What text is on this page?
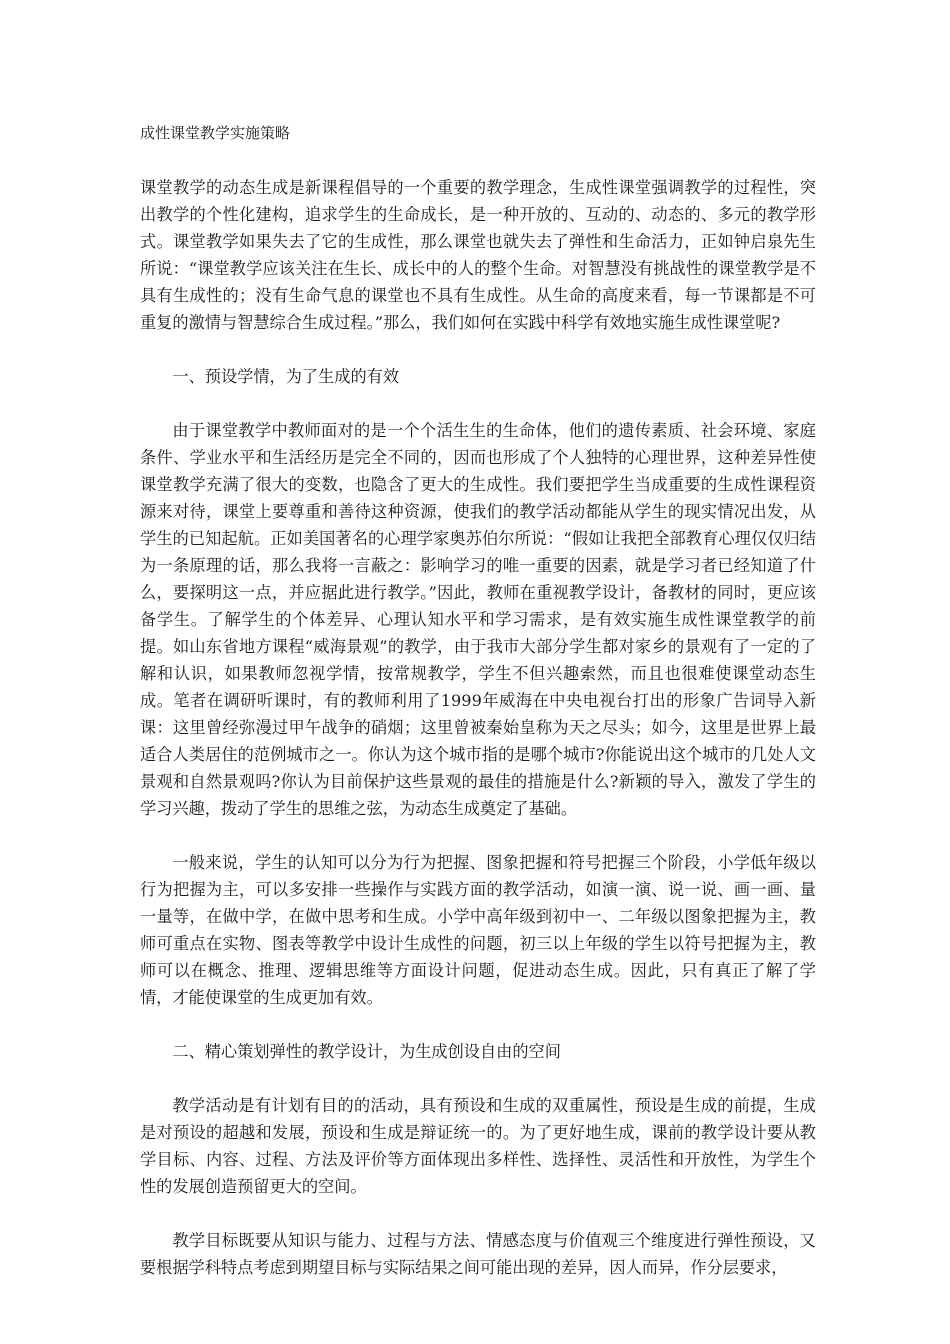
成性课堂教学实施策略

课堂教学的动态生成是新课程倡导的一个重要的教学理念，生成性课堂强调教学的过程性，突出教学的个性化建构，追求学生的生命成长，是一种开放的、互动的、动态的、多元的教学形式。课堂教学如果失去了它的生成性，那么课堂也就失去了弹性和生命活力，正如钟启泉先生所说：“课堂教学应该关注在生长、成长中的人的整个生命。对智慧没有挑战性的课堂教学是不具有生成性的；没有生命气息的课堂也不具有生成性。从生命的高度来看，每一节课都是不可重复的激情与智慧综合生成过程。”那么，我们如何在实践中科学有效地实施生成性课堂呢?

一、预设学情，为了生成的有效

由于课堂教学中教师面对的是一个个活生生的生命体，他们的遗传素质、社会环境、家庭条件、学业水平和生活经历是完全不同的，因而也形成了个人独特的心理世界，这种差异性使课堂教学充满了很大的变数，也隐含了更大的生成性。我们要把学生当成重要的生成性课程资源来对待，课堂上要尊重和善待这种资源，使我们的教学活动都能从学生的现实情况出发，从学生的已知起航。正如美国著名的心理学家奥苏伯尔所说：“假如让我把全部教育心理仅仅归结为一条原理的话，那么我将一言蔽之：影响学习的唯一重要的因素，就是学习者已经知道了什么，要探明这一点，并应据此进行教学。”因此，教师在重视教学设计，备教材的同时，更应该备学生。了解学生的个体差异、心理认知水平和学习需求，是有效实施生成性课堂教学的前提。如山东省地方课程“威海景观”的教学，由于我市大部分学生都对家乡的景观有了一定的了解和认识，如果教师忽视学情，按常规教学，学生不但兴趣索然，而且也很难使课堂动态生成。笔者在调研听课时，有的教师利用了1999年威海在中央电视台打出的形象广告词导入新课：这里曾经弥漫过甲午战争的硝烟；这里曾被秦始皇称为天之尽头；如今，这里是世界上最适合人类居住的范例城市之一。你认为这个城市指的是哪个城市?你能说出这个城市的几处人文景观和自然景观吗?你认为目前保护这些景观的最佳的措施是什么?新颖的导入，激发了学生的学习兴趣，拨动了学生的思维之弦，为动态生成奠定了基础。

一般来说，学生的认知可以分为行为把握、图象把握和符号把握三个阶段，小学低年级以行为把握为主，可以多安排一些操作与实践方面的教学活动，如演一演、说一说、画一画、量一量等，在做中学，在做中思考和生成。小学中高年级到初中一、二年级以图象把握为主，教师可重点在实物、图表等教学中设计生成性的问题，初三以上年级的学生以符号把握为主，教师可以在概念、推理、逻辑思维等方面设计问题，促进动态生成。因此，只有真正了解了学情，才能使课堂的生成更加有效。

二、精心策划弹性的教学设计，为生成创设自由的空间

教学活动是有计划有目的的活动，具有预设和生成的双重属性，预设是生成的前提，生成是对预设的超越和发展，预设和生成是辩证统一的。为了更好地生成，课前的教学设计要从教学目标、内容、过程、方法及评价等方面体现出多样性、选择性、灵活性和开放性，为学生个性的发展创造预留更大的空间。

教学目标既要从知识与能力、过程与方法、情感态度与价值观三个维度进行弹性预设，又要根据学科特点考虑到期望目标与实际结果之间可能出现的差异，因人而异，作分层要求，
